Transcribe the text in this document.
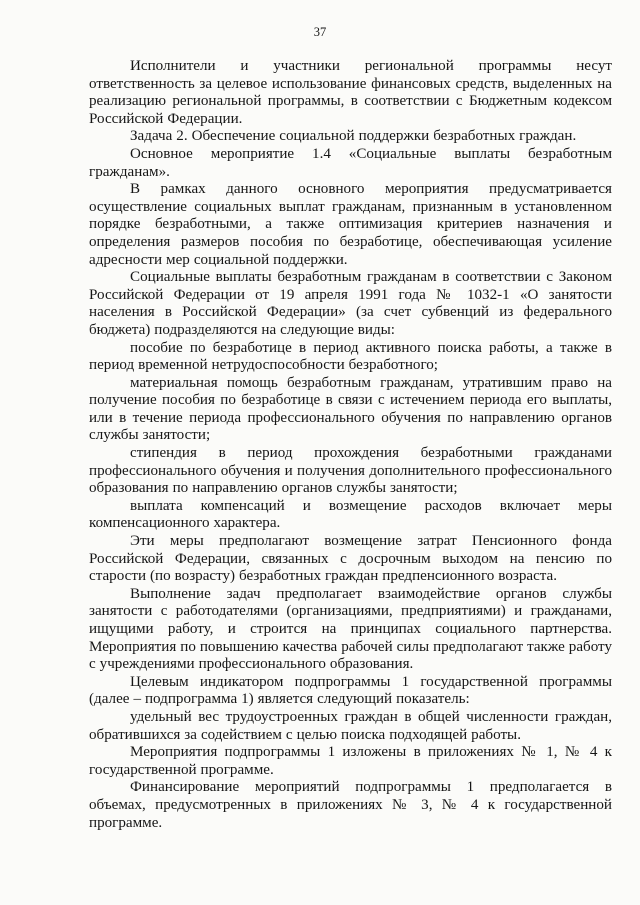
37

Исполнители и участники региональной программы несут ответственность за целевое использование финансовых средств, выделенных на реализацию региональной программы, в соответствии с Бюджетным кодексом Российской Федерации.

Задача 2. Обеспечение социальной поддержки безработных граждан.

Основное мероприятие 1.4 «Социальные выплаты безработным гражданам».

В рамках данного основного мероприятия предусматривается осуществление социальных выплат гражданам, признанным в установленном порядке безработными, а также оптимизация критериев назначения и определения размеров пособия по безработице, обеспечивающая усиление адресности мер социальной поддержки.

Социальные выплаты безработным гражданам в соответствии с Законом Российской Федерации от 19 апреля 1991 года № 1032-1 «О занятости населения в Российской Федерации» (за счет субвенций из федерального бюджета) подразделяются на следующие виды:

пособие по безработице в период активного поиска работы, а также в период временной нетрудоспособности безработного;

материальная помощь безработным гражданам, утратившим право на получение пособия по безработице в связи с истечением периода его выплаты, или в течение периода профессионального обучения по направлению органов службы занятости;

стипендия в период прохождения безработными гражданами профессионального обучения и получения дополнительного профессионального образования по направлению органов службы занятости;

выплата компенсаций и возмещение расходов включает меры компенсационного характера.

Эти меры предполагают возмещение затрат Пенсионного фонда Российской Федерации, связанных с досрочным выходом на пенсию по старости (по возрасту) безработных граждан предпенсионного возраста.

Выполнение задач предполагает взаимодействие органов службы занятости с работодателями (организациями, предприятиями) и гражданами, ищущими работу, и строится на принципах социального партнерства. Мероприятия по повышению качества рабочей силы предполагают также работу с учреждениями профессионального образования.

Целевым индикатором подпрограммы 1 государственной программы (далее – подпрограмма 1) является следующий показатель:

удельный вес трудоустроенных граждан в общей численности граждан, обратившихся за содействием с целью поиска подходящей работы.

Мероприятия подпрограммы 1 изложены в приложениях № 1, № 4 к государственной программе.

Финансирование мероприятий подпрограммы 1 предполагается в объемах, предусмотренных в приложениях № 3, № 4 к государственной программе.
